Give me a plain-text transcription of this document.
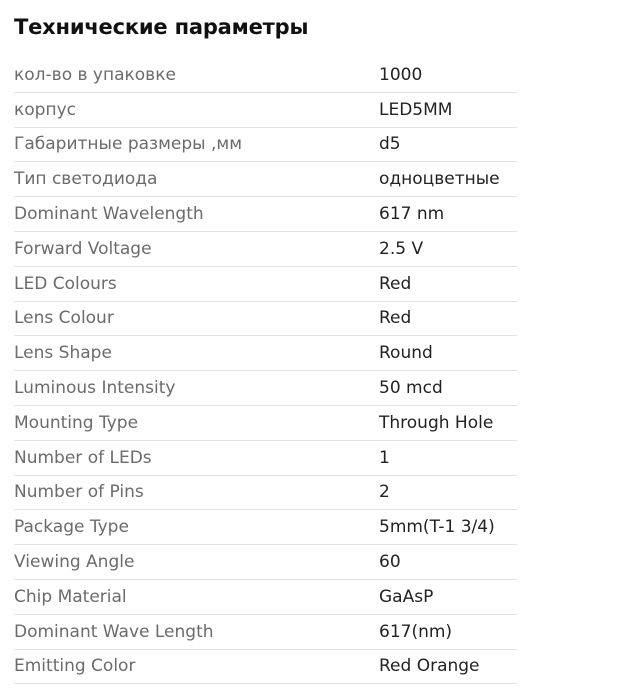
Технические параметры
кол-во в упаковке	1000
корпус	LED5MM
Габаритные размеры ,мм	d5
Тип светодиода	одноцветные
Dominant Wavelength	617 nm
Forward Voltage	2.5 V
LED Colours	Red
Lens Colour	Red
Lens Shape	Round
Luminous Intensity	50 mcd
Mounting Type	Through Hole
Number of LEDs	1
Number of Pins	2
Package Type	5mm(T-1 3/4)
Viewing Angle	60
Chip Material	GaAsP
Dominant Wave Length	617(nm)
Emitting Color	Red Orange
